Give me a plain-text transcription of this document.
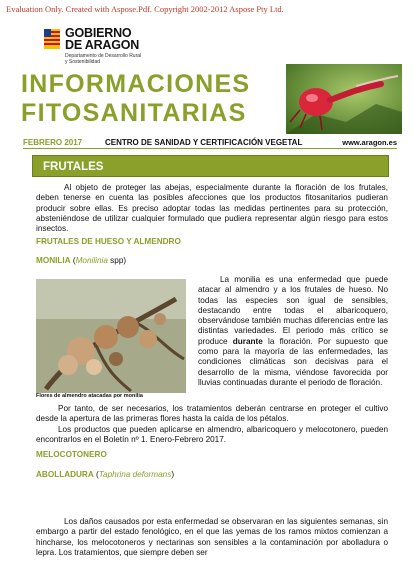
Evaluation Only. Created with Aspose.Pdf. Copyright 2002-2012 Aspose Pty Ltd.
GOBIERNO
DE ARAGON
Departamento de Desarrollo Rural
y Sostenibilidad
INFORMACIONES
FITOSANITARIAS
FEBRERO 2017	CENTRO DE SANIDAD Y CERTIFICACIÓN VEGETAL	www.aragon.es
FRUTALES

Al objeto de proteger las abejas, especialmente durante la floración de los frutales, deben tenerse en cuenta las posibles afecciones que los productos fitosanitarios pudieran producir sobre ellas. Es preciso adoptar todas las medidas pertinentes para su protección, absteniéndose de utilizar cualquier formulado que pudiera representar algún riesgo para estos insectos.

FRUTALES DE HUESO Y ALMENDRO
MONILIA (Monilinia spp)
Flores de almendro atacadas por monilia

La monilia es una enfermedad que puede atacar al almendro y a los frutales de hueso. No todas las especies son igual de sensibles, destacando entre todas el albaricoquero, observándose también muchas diferencias entre las distintas variedades. El periodo más crítico se produce durante la floración. Por supuesto que como para la mayoría de las enfermedades, las condiciones climáticas son decisivas para el desarrollo de la misma, viéndose favorecida por lluvias continuadas durante el periodo de floración.

Por tanto, de ser necesarios, los tratamientos deberán centrarse en proteger el cultivo desde la apertura de las primeras flores hasta la caída de los pétalos.

Los productos que pueden aplicarse en almendro, albaricoquero y melocotonero, pueden encontrarlos en el Boletín nº 1. Enero-Febrero 2017.

MELOCOTONERO
ABOLLADURA (Taphrina deformans)

Los daños causados por esta enfermedad se observaran en las siguientes semanas, sin embargo a partir del estado fenológico, en el que las yemas de los ramos mixtos comienzan a hincharse, los melocotoneros y nectarinas son sensibles a la contaminación por abolladura o lepra. Los tratamientos, que siempre deben ser
